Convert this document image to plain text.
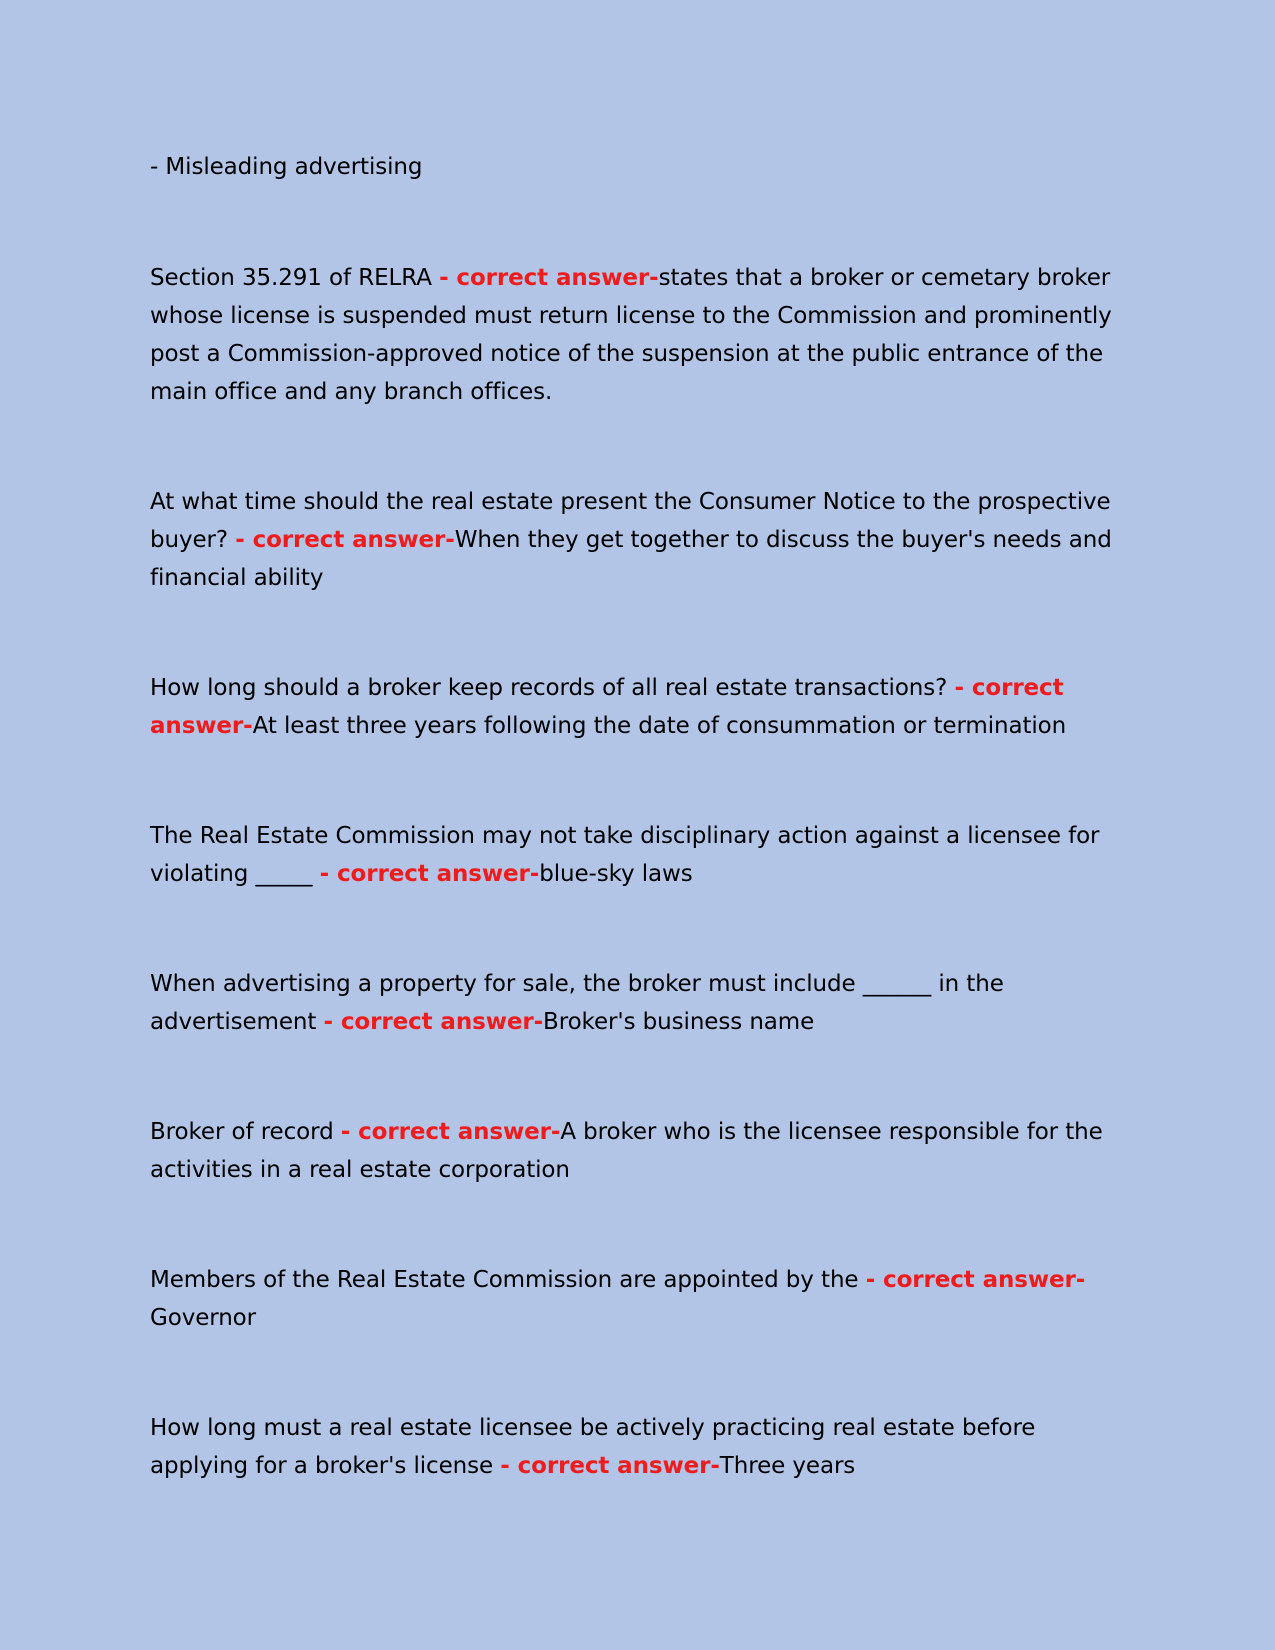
- Misleading advertising

Section 35.291 of RELRA - correct answer-states that a broker or cemetary broker whose license is suspended must return license to the Commission and prominently post a Commission-approved notice of the suspension at the public entrance of the main office and any branch offices.

At what time should the real estate present the Consumer Notice to the prospective buyer? - correct answer-When they get together to discuss the buyer's needs and financial ability

How long should a broker keep records of all real estate transactions? - correct answer-At least three years following the date of consummation or termination

The Real Estate Commission may not take disciplinary action against a licensee for violating _____ - correct answer-blue-sky laws

When advertising a property for sale, the broker must include ______ in the advertisement - correct answer-Broker's business name

Broker of record - correct answer-A broker who is the licensee responsible for the activities in a real estate corporation

Members of the Real Estate Commission are appointed by the - correct answer-Governor

How long must a real estate licensee be actively practicing real estate before applying for a broker's license - correct answer-Three years
